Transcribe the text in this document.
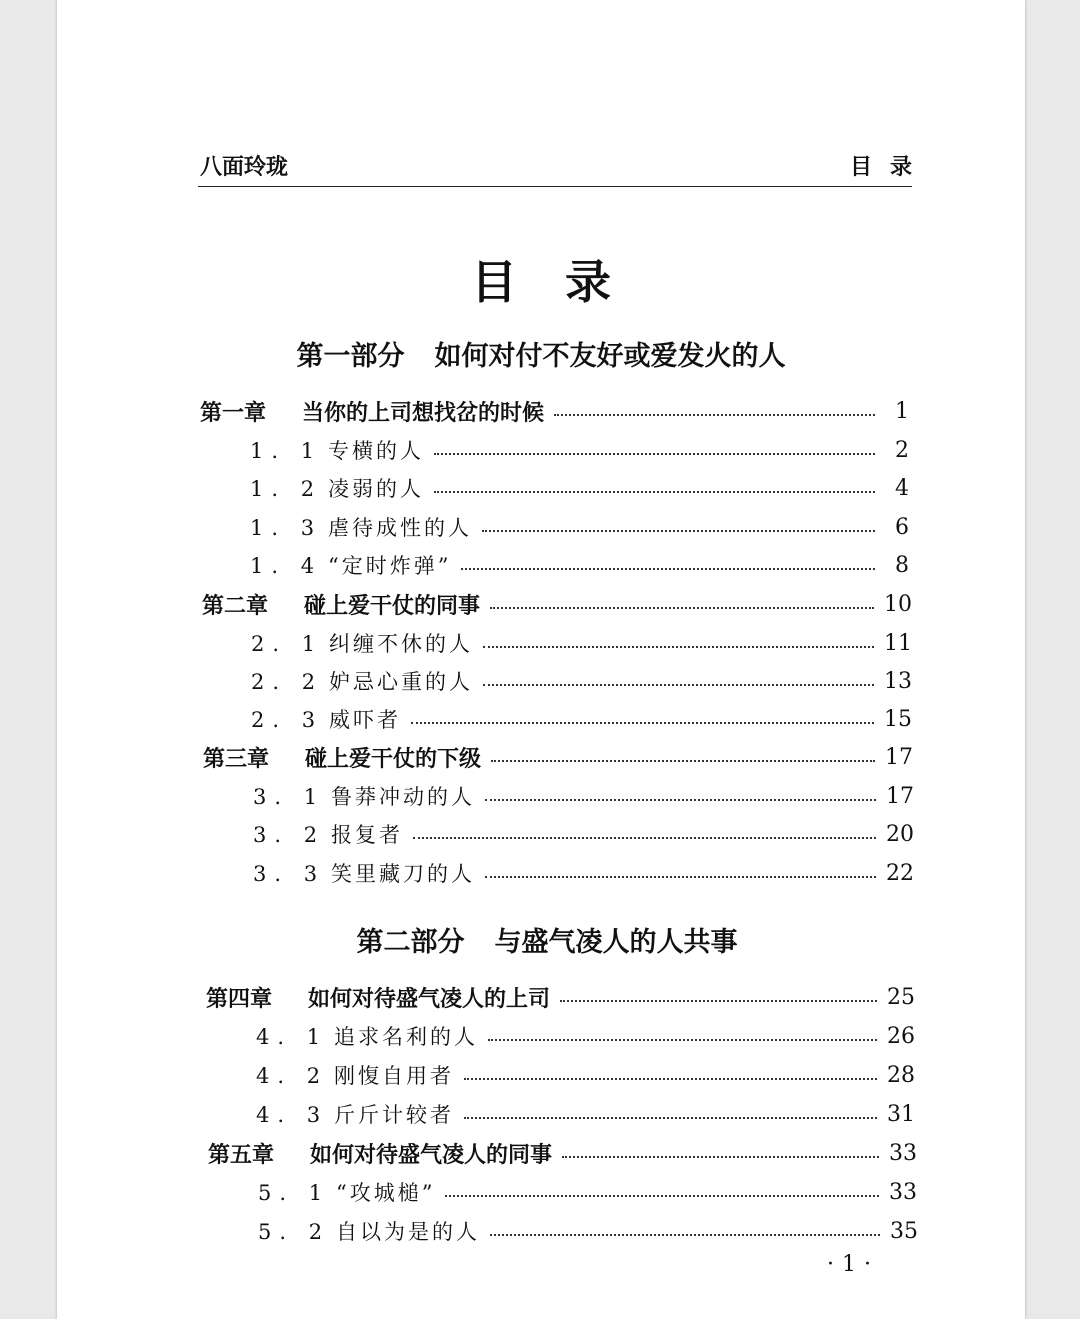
八面玲珑	目录
目录
第一部分 如何对付不友好或爱发火的人
第一章 当你的上司想找岔的时候	1
1. 1 专横的人	2
1. 2 凌弱的人	4
1. 3 虐待成性的人	6
1. 4 “定时炸弹”	8
第二章 碰上爱干仗的同事	10
2. 1 纠缠不休的人	11
2. 2 妒忌心重的人	13
2. 3 威吓者	15
第三章 碰上爱干仗的下级	17
3. 1 鲁莽冲动的人	17
3. 2 报复者	20
3. 3 笑里藏刀的人	22
第二部分 与盛气凌人的人共事
第四章 如何对待盛气凌人的上司	25
4. 1 追求名利的人	26
4. 2 刚愎自用者	28
4. 3 斤斤计较者	31
第五章 如何对待盛气凌人的同事	33
5. 1 “攻城槌”	33
5. 2 自以为是的人	35
·1·
